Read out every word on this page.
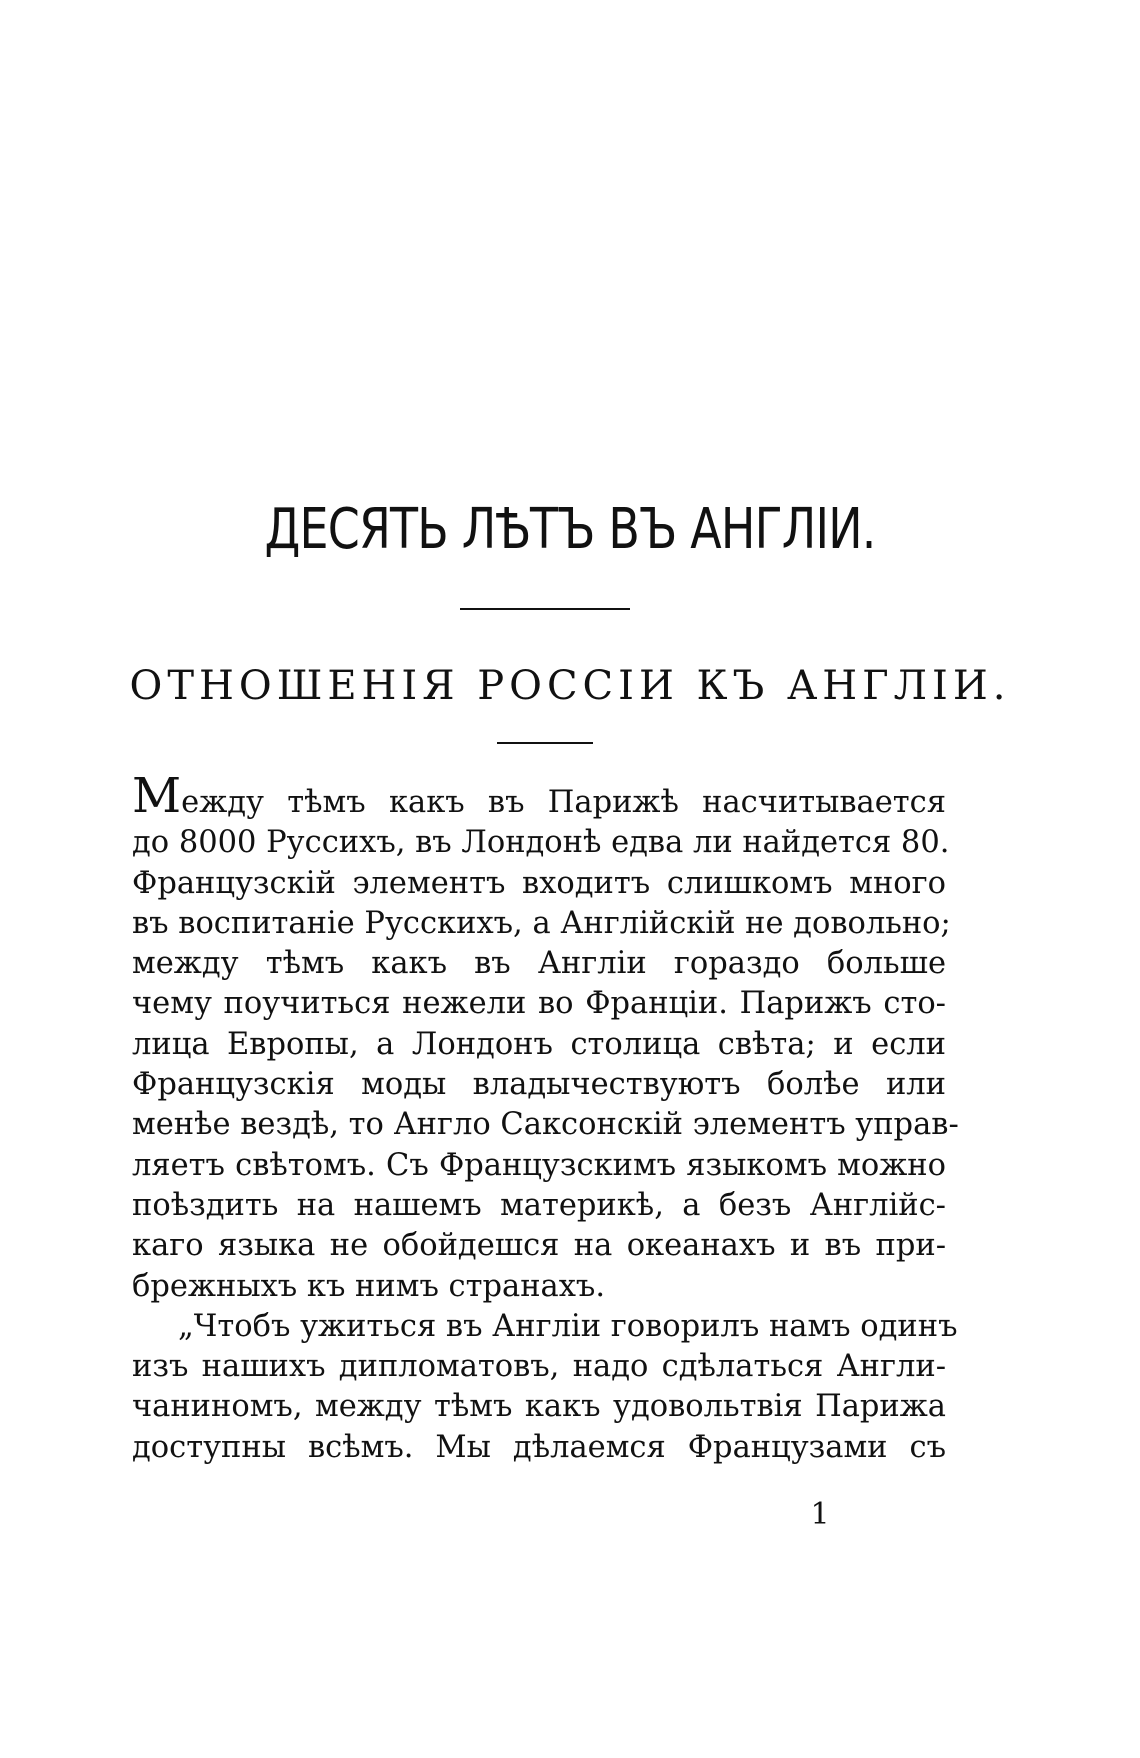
ДЕСЯТЬ ЛѢТЪ ВЪ АНГЛІИ.
ОТНОШЕНІЯ РОССІИ КЪ АНГЛІИ.
Между тѣмъ какъ въ Парижѣ насчитывается
до 8000 Руссихъ, въ Лондонѣ едва ли найдется 80.
Французскій элементъ входитъ слишкомъ много
въ воспитаніе Русскихъ, а Англійскій не довольно;
между тѣмъ какъ въ Англіи гораздо больше
чему поучиться нежели во Франціи. Парижъ сто-
лица Европы, а Лондонъ столица свѣта; и если
Французскія моды владычествуютъ болѣе или
менѣе вездѣ, то Англо Саксонскій элементъ управ-
ляетъ свѣтомъ. Съ Французскимъ языкомъ можно
поѣздить на нашемъ материкѣ, а безъ Англійс-
каго языка не обойдешся на океанахъ и въ при-
брежныхъ къ нимъ странахъ.
„Чтобъ ужиться въ Англіи говорилъ намъ одинъ
изъ нашихъ дипломатовъ, надо сдѣлаться Англи-
чаниномъ, между тѣмъ какъ удовольтвія Парижа
доступны всѣмъ. Мы дѣлаемся Французами съ
1
